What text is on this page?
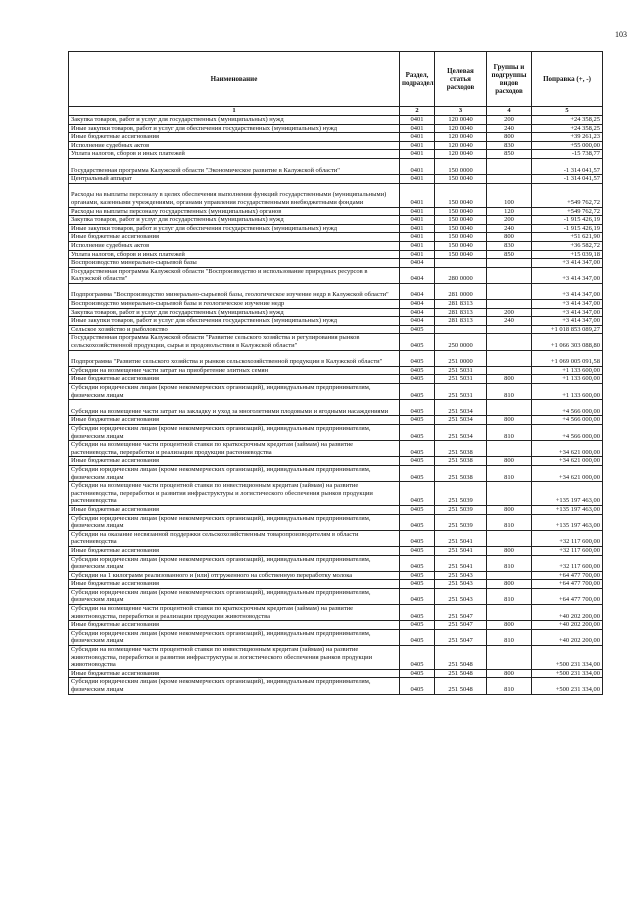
103
Наименование	Раздел, подраздел	Целевая статья расходов	Группы и подгруппы видов расходов	Поправка (+, -)
1	2	3	4	5
Закупка товаров, работ и услуг для государственных (муниципальных) нужд	0401	120 0040	200	+24 358,25
Иные закупки товаров, работ и услуг для обеспечения государственных (муниципальных) нужд	0401	120 0040	240	+24 358,25
Иные бюджетные ассигнования	0401	120 0040	800	+39 261,23
Исполнение судебных актов	0401	120 0040	830	+55 000,00
Уплата налогов, сборов и иных платежей	0401	120 0040	850	-15 738,77
Государственная программа Калужской области "Экономическое развитие в Калужской области"	0401	150 0000		-1 314 041,57
Центральный аппарат	0401	150 0040		-1 314 041,57
Расходы на выплаты персоналу в целях обеспечения выполнения функций государственными (муниципальными) органами, казенными учреждениями, органами управления государственными внебюджетными фондами	0401	150 0040	100	+549 762,72
Расходы на выплаты персоналу государственных (муниципальных) органов	0401	150 0040	120	+549 762,72
Закупка товаров, работ и услуг для государственных (муниципальных) нужд	0401	150 0040	200	-1 915 426,19
Иные закупки товаров, работ и услуг для обеспечения государственных (муниципальных) нужд	0401	150 0040	240	-1 915 426,19
Иные бюджетные ассигнования	0401	150 0040	800	+51 621,90
Исполнение судебных актов	0401	150 0040	830	+36 582,72
Уплата налогов, сборов и иных платежей	0401	150 0040	850	+15 039,18
Воспроизводство минерально-сырьевой базы	0404			+3 414 347,00
Государственная программа Калужской области "Воспроизводство и использование природных ресурсов в Калужской области"	0404	280 0000		+3 414 347,00
Подпрограмма "Воспроизводство минерально-сырьевой базы, геологическое изучение недр в Калужской области"	0404	281 0000		+3 414 347,00
Воспроизводство минерально-сырьевой базы и геологическое изучение недр	0404	281 8313		+3 414 347,00
Закупка товаров, работ и услуг для государственных (муниципальных) нужд	0404	281 8313	200	+3 414 347,00
Иные закупки товаров, работ и услуг для обеспечения государственных (муниципальных) нужд	0404	281 8313	240	+3 414 347,00
Сельское хозяйство и рыболовство	0405			+1 018 853 089,27
Государственная программа Калужской области "Развитие сельского хозяйства и регулирования рынков сельскохозяйственной продукции, сырья и продовольствия в Калужской области"	0405	250 0000		+1 066 303 088,80
Подпрограмма "Развитие сельского хозяйства и рынков сельскохозяйственной продукции в Калужской области"	0405	251 0000		+1 069 005 091,58
Субсидии на возмещение части затрат на приобретение элитных семян	0405	251 5031		+1 133 600,00
Иные бюджетные ассигнования	0405	251 5031	800	+1 133 600,00
Субсидии юридическим лицам (кроме некоммерческих организаций), индивидуальным предпринимателям, физическим лицам	0405	251 5031	810	+1 133 600,00
Субсидии на возмещение части затрат на закладку и уход за многолетними плодовыми и ягодными насаждениями	0405	251 5034		+4 566 000,00
Иные бюджетные ассигнования	0405	251 5034	800	+4 566 000,00
Субсидии юридическим лицам (кроме некоммерческих организаций), индивидуальным предпринимателям, физическим лицам	0405	251 5034	810	+4 566 000,00
Субсидии на возмещение части процентной ставки по краткосрочным кредитам (займам) на развитие растениеводства, переработки и реализации продукции растениеводства	0405	251 5038		+34 621 000,00
Иные бюджетные ассигнования	0405	251 5038	800	+34 621 000,00
Субсидии юридическим лицам (кроме некоммерческих организаций), индивидуальным предпринимателям, физическим лицам	0405	251 5038	810	+34 621 000,00
Субсидии на возмещение части процентной ставки по инвестиционным кредитам (займам) на развитие растениеводства, переработки и развития инфраструктуры и логистического обеспечения рынков продукции растениеводства	0405	251 5039		+135 197 463,00
Иные бюджетные ассигнования	0405	251 5039	800	+135 197 463,00
Субсидии юридическим лицам (кроме некоммерческих организаций), индивидуальным предпринимателям, физическим лицам	0405	251 5039	810	+135 197 463,00
Субсидии на оказание несвязанной поддержки сельскохозяйственным товаропроизводителям в области растениеводства	0405	251 5041		+32 117 600,00
Иные бюджетные ассигнования	0405	251 5041	800	+32 117 600,00
Субсидии юридическим лицам (кроме некоммерческих организаций), индивидуальным предпринимателям, физическим лицам	0405	251 5041	810	+32 117 600,00
Субсидии на 1 килограмм реализованного и (или) отгруженного на собственную переработку молока	0405	251 5043		+64 477 700,00
Иные бюджетные ассигнования	0405	251 5043	800	+64 477 700,00
Субсидии юридическим лицам (кроме некоммерческих организаций), индивидуальным предпринимателям, физическим лицам	0405	251 5043	810	+64 477 700,00
Субсидии на возмещение части процентной ставки по краткосрочным кредитам (займам) на развитие животноводства, переработки и реализации продукции животноводства	0405	251 5047		+40 202 200,00
Иные бюджетные ассигнования	0405	251 5047	800	+40 202 200,00
Субсидии юридическим лицам (кроме некоммерческих организаций), индивидуальным предпринимателям, физическим лицам	0405	251 5047	810	+40 202 200,00
Субсидии на возмещение части процентной ставки по инвестиционным кредитам (займам) на развитие животноводства, переработки и развития инфраструктуры и логистического обеспечения рынков продукции животноводства	0405	251 5048		+500 231 334,00
Иные бюджетные ассигнования	0405	251 5048	800	+500 231 334,00
Субсидии юридическим лицам (кроме некоммерческих организаций), индивидуальным предпринимателям, физическим лицам	0405	251 5048	810	+500 231 334,00
